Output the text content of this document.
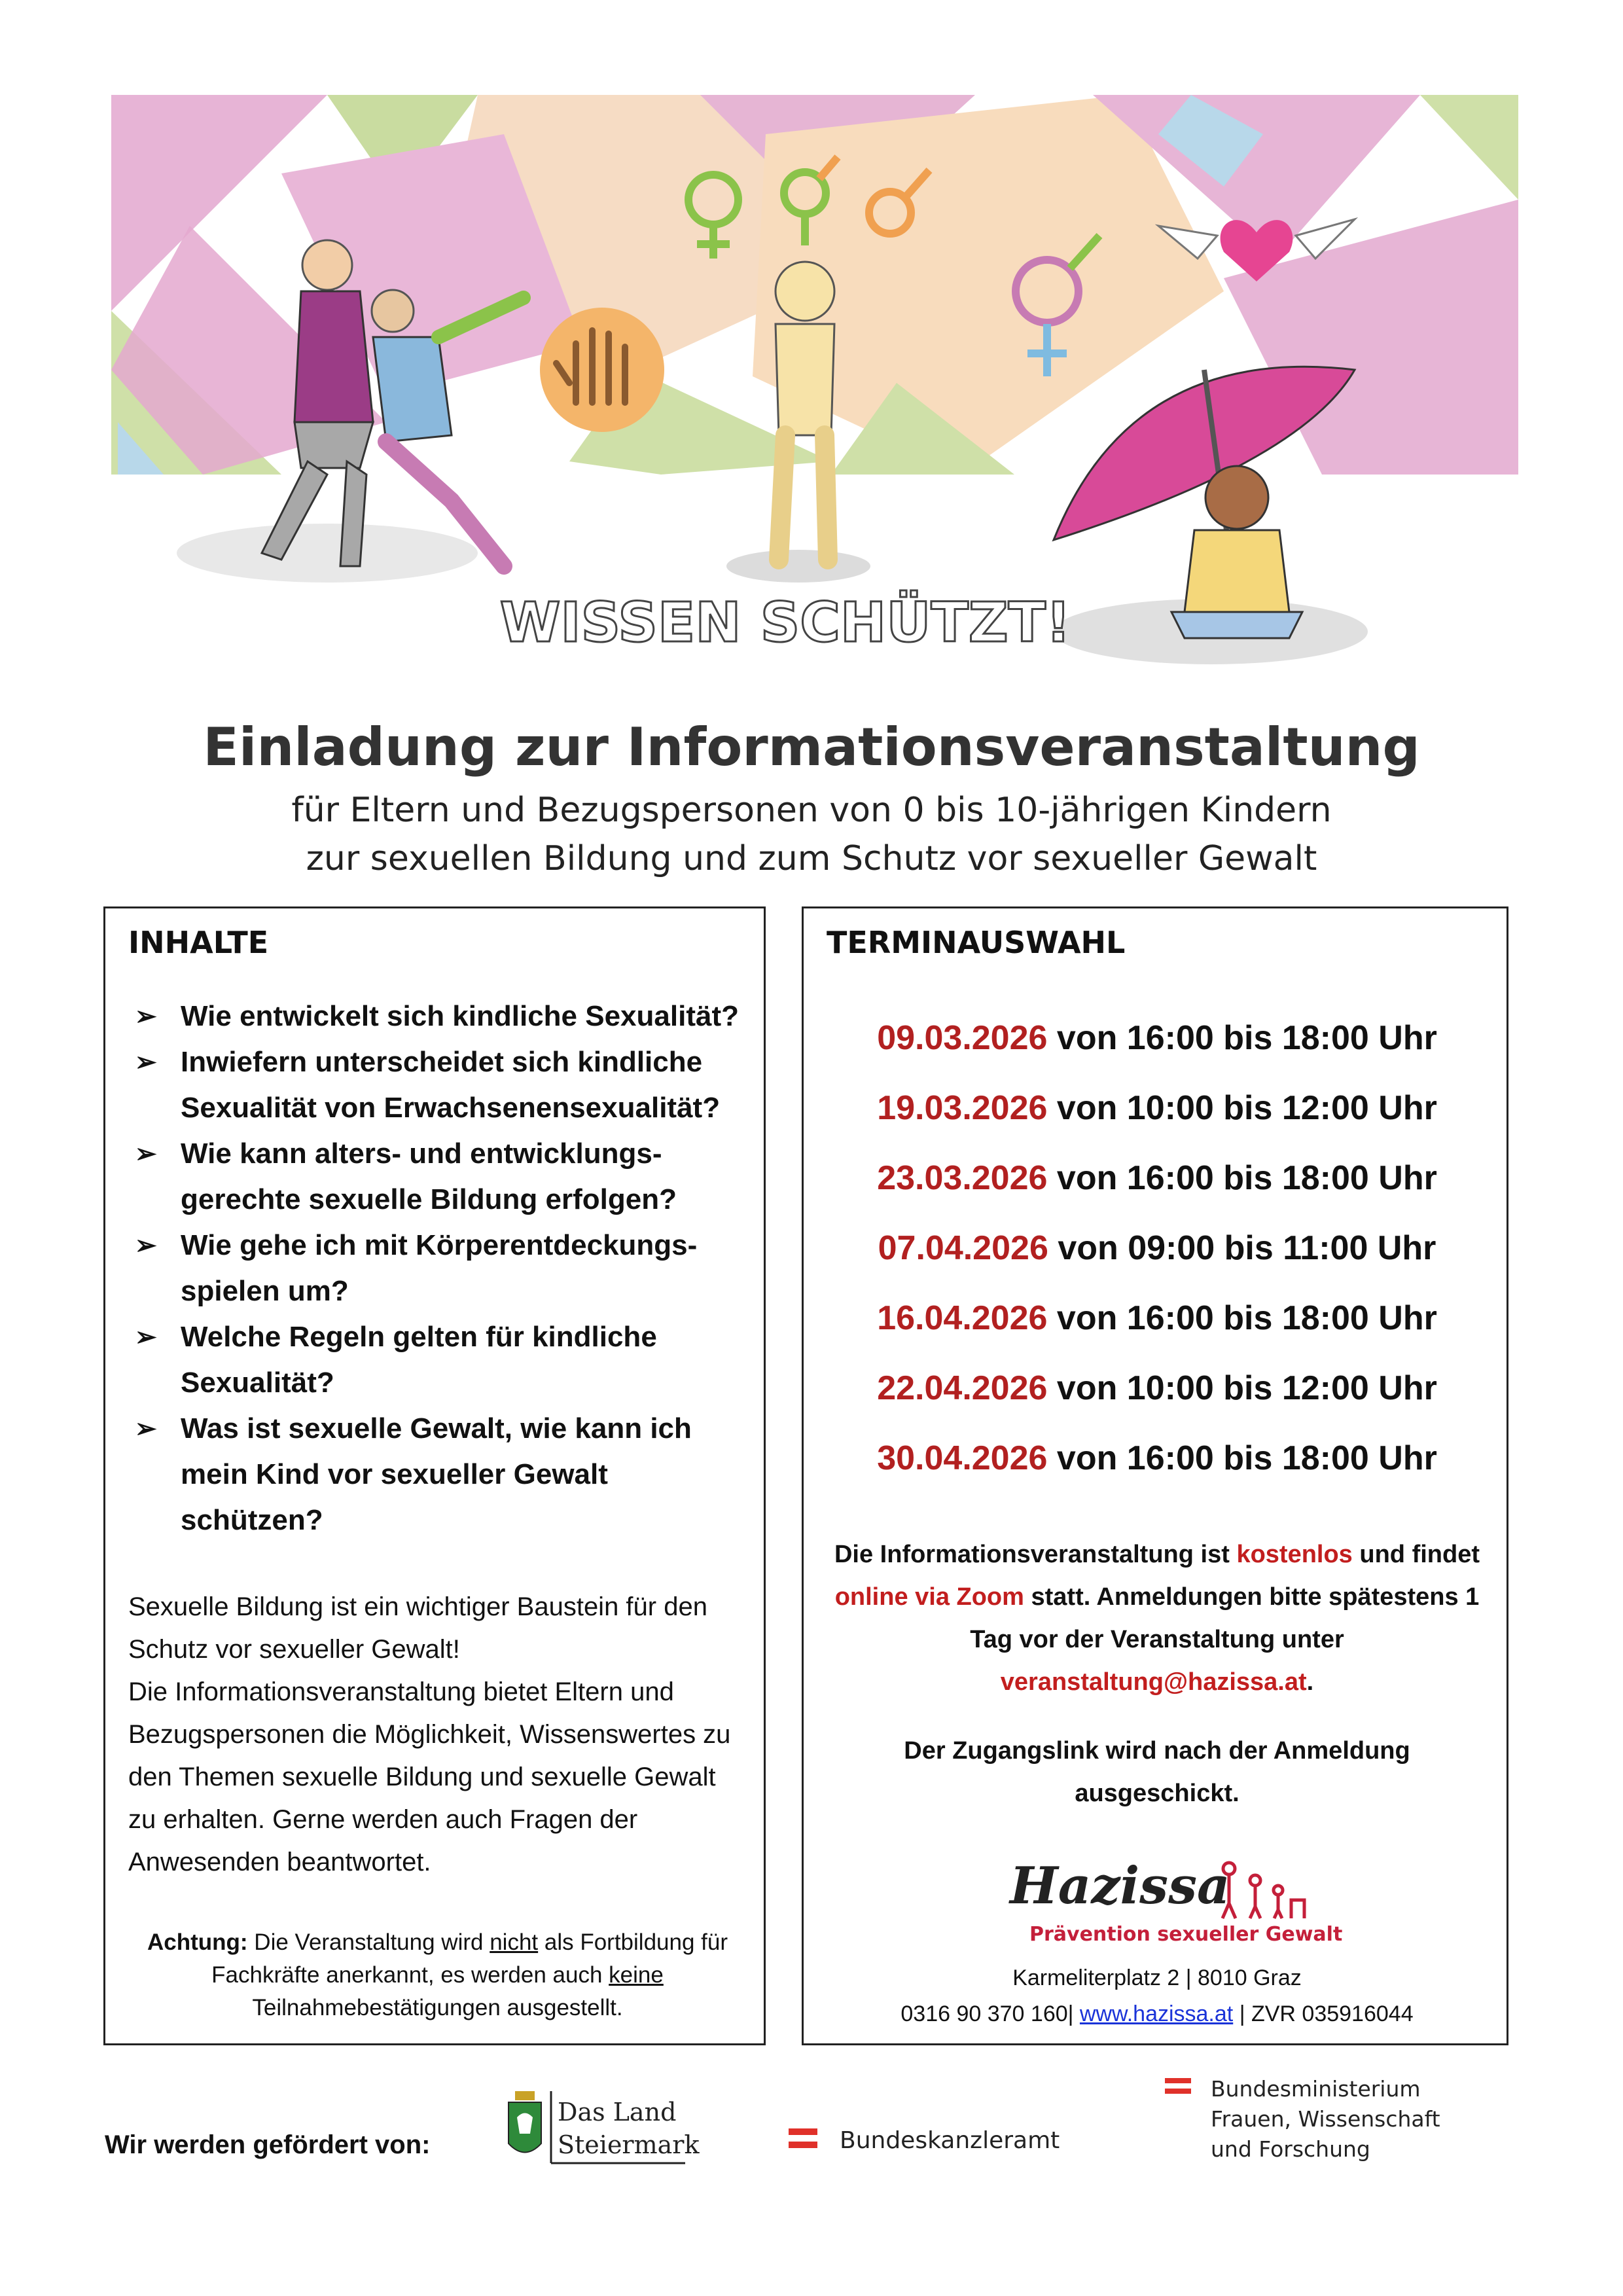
WISSEN SCHÜTZT!
Einladung zur Informationsveranstaltung
für Eltern und Bezugspersonen von 0 bis 10-jährigen Kindern
zur sexuellen Bildung und zum Schutz vor sexueller Gewalt
INHALTE
➢ Wie entwickelt sich kindliche Sexualität?
➢ Inwiefern unterscheidet sich kindliche Sexualität von Erwachsenensexualität?
➢ Wie kann alters- und entwicklungs-gerechte sexuelle Bildung erfolgen?
➢ Wie gehe ich mit Körperentdeckungs-spielen um?
➢ Welche Regeln gelten für kindliche Sexualität?
➢ Was ist sexuelle Gewalt, wie kann ich mein Kind vor sexueller Gewalt schützen?
Sexuelle Bildung ist ein wichtiger Baustein für den Schutz vor sexueller Gewalt!
Die Informationsveranstaltung bietet Eltern und Bezugspersonen die Möglichkeit, Wissenswertes zu den Themen sexuelle Bildung und sexuelle Gewalt zu erhalten. Gerne werden auch Fragen der Anwesenden beantwortet.
Achtung: Die Veranstaltung wird nicht als Fortbildung für Fachkräfte anerkannt, es werden auch keine Teilnahmebestätigungen ausgestellt.
TERMINAUSWAHL
09.03.2026 von 16:00 bis 18:00 Uhr
19.03.2026 von 10:00 bis 12:00 Uhr
23.03.2026 von 16:00 bis 18:00 Uhr
07.04.2026 von 09:00 bis 11:00 Uhr
16.04.2026 von 16:00 bis 18:00 Uhr
22.04.2026 von 10:00 bis 12:00 Uhr
30.04.2026 von 16:00 bis 18:00 Uhr
Die Informationsveranstaltung ist kostenlos und findet online via Zoom statt. Anmeldungen bitte spätestens 1 Tag vor der Veranstaltung unter veranstaltung@hazissa.at.
Der Zugangslink wird nach der Anmeldung ausgeschickt.
Hazissa
Prävention sexueller Gewalt
Karmeliterplatz 2 | 8010 Graz
0316 90 370 160| www.hazissa.at | ZVR 035916044
Wir werden gefördert von:
Das Land
Steiermark	Bundeskanzleramt
Bundesministerium
Frauen, Wissenschaft
und Forschung
